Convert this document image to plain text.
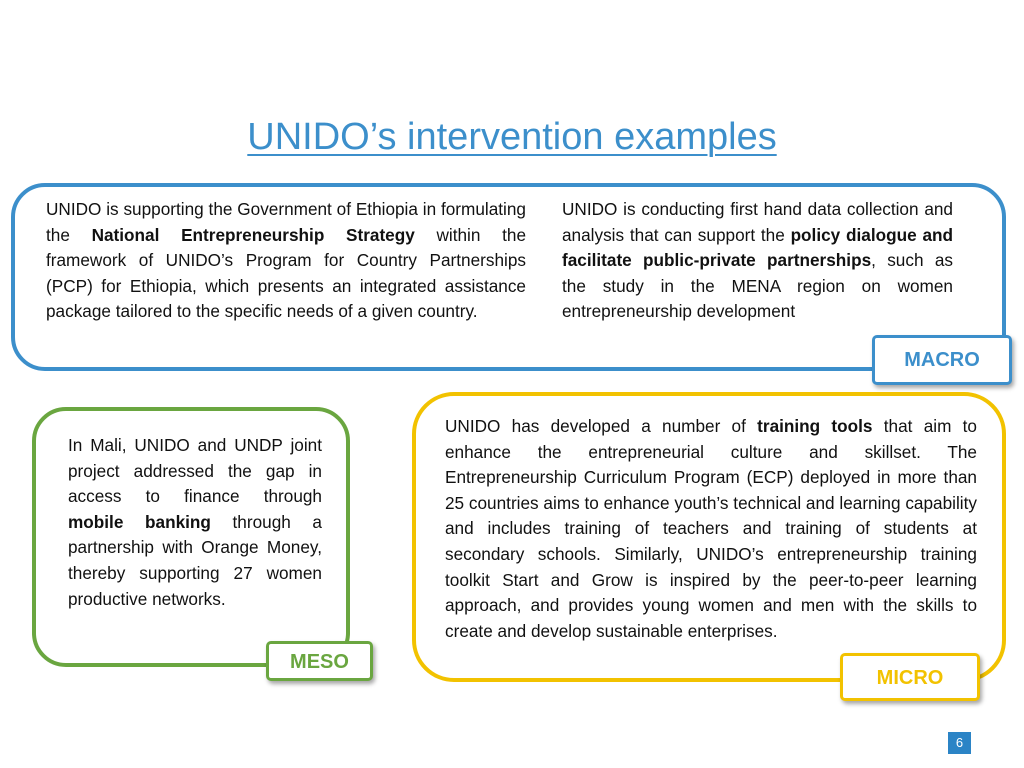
UNIDO’s intervention examples
UNIDO is supporting the Government of Ethiopia in formulating the National Entrepreneurship Strategy within the framework of UNIDO’s Program for Country Partnerships (PCP) for Ethiopia, which presents an integrated assistance package tailored to the specific needs of a given country.
UNIDO is conducting first hand data collection and analysis that can support the policy dialogue and facilitate public-private partnerships, such as the study in the MENA region on women entrepreneurship development
MACRO
In Mali, UNIDO and UNDP joint project addressed the gap in access to finance through mobile banking through a partnership with Orange Money, thereby supporting 27 women productive networks.
MESO
UNIDO has developed a number of training tools that aim to enhance the entrepreneurial culture and skillset. The Entrepreneurship Curriculum Program (ECP) deployed in more than 25 countries aims to enhance youth’s technical and learning capability and includes training of teachers and training of students at secondary schools. Similarly, UNIDO’s entrepreneurship training toolkit Start and Grow is inspired by the peer-to-peer learning approach, and provides young women and men with the skills to create and develop sustainable enterprises.
MICRO
6
